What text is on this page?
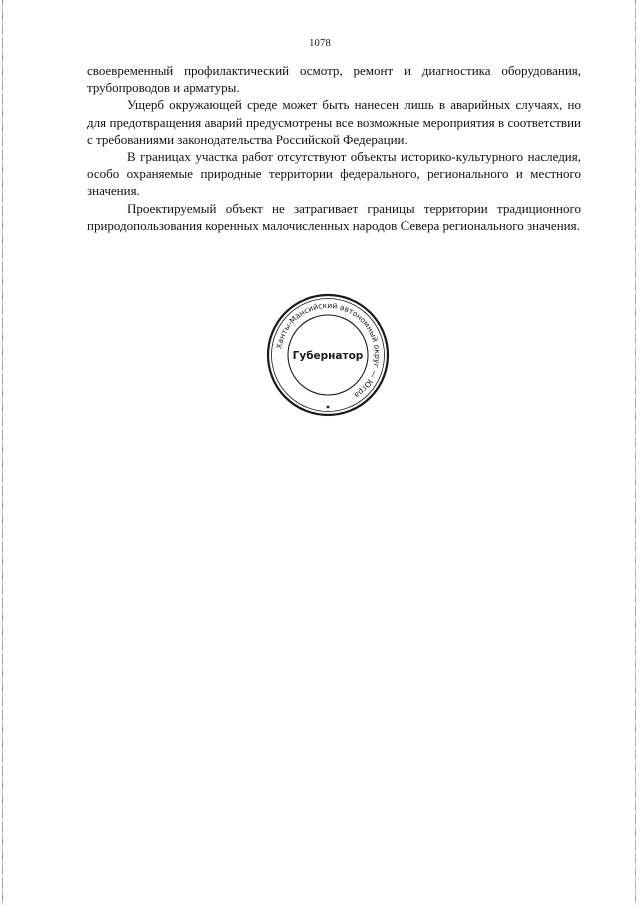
1078

своевременный профилактический осмотр, ремонт и диагностика оборудования, трубопроводов и арматуры.

Ущерб окружающей среде может быть нанесен лишь в аварийных случаях, но для предотвращения аварий предусмотрены все возможные мероприятия в соответствии с требованиями законодательства Российской Федерации.

В границах участка работ отсутствуют объекты историко-культурного наследия, особо охраняемые природные территории федерального, регионального и местного значения.

Проектируемый объект не затрагивает границы территории традиционного природопользования коренных малочисленных народов Севера регионального значения.

Ханты-Мансийский автономный округ — Югра
Губернатор
